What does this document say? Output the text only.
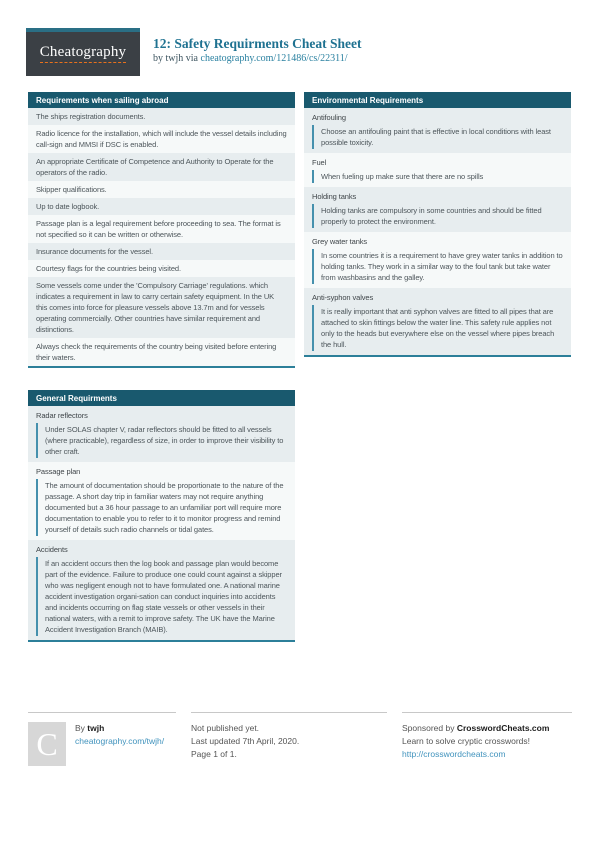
Cheatography
12: Safety Requirments Cheat Sheet
by twjh via cheatography.com/121486/cs/22311/
Requirements when sailing abroad
The ships registration documents.
Radio licence for the installation, which will include the vessel details including call-sign and MMSI if DSC is enabled.
An appropriate Certificate of Competence and Authority to Operate for the operators of the radio.
Skipper qualifications.
Up to date logbook.
Passage plan is a legal requirement before proceeding to sea. The format is not specified so it can be written or otherwise.
Insurance documents for the vessel.
Courtesy flags for the countries being visited.
Some vessels come under the 'Compulsory Carriage' regulations. which indicates a requirement in law to carry certain safety equipment. In the UK this comes into force for pleasure vessels above 13.7m and for vessels operating commercially. Other countries have similar requirement and distinctions.
Always check the requirements of the country being visited before entering their waters.
General Requirments
Radar reflectors
Under SOLAS chapter V, radar reflectors should be fitted to all vessels (where practicable), regardless of size, in order to improve their visibility to other craft.
Passage plan
The amount of documentation should be proportionate to the nature of the passage. A short day trip in familiar waters may not require anything documented but a 36 hour passage to an unfamiliar port will require more documentation to enable you to refer to it to monitor progress and remind yourself of details such radio channels or tidal gates.
Accidents
If an accident occurs then the log book and passage plan would become part of the evidence. Failure to produce one could count against a skipper who was negligent enough not to have formulated one. A national marine accident investigation organi-sation can conduct inquiries into accidents and incidents occurring on flag state vessels or other vessels in their national waters, with a remit to improve safety. The UK have the Marine Accident Investigation Branch (MAIB).
Environmental Requirements
Antifouling
Choose an antifouling paint that is effective in local conditions with least possible toxicity.
Fuel
When fueling up make sure that there are no spills
Holding tanks
Holding tanks are compulsory in some countries and should be fitted properly to protect the environment.
Grey water tanks
In some countries it is a requirement to have grey water tanks in addition to holding tanks. They work in a similar way to the foul tank but take water from washbasins and the galley.
Anti-syphon valves
It is really important that anti syphon valves are fitted to all pipes that are attached to skin fittings below the water line. This safety rule applies not only to the heads but everywhere else on the vessel where pipes breach the hull.
C By twjh
cheatography.com/twjh/
Not published yet.
Last updated 7th April, 2020.
Page 1 of 1.
Sponsored by CrosswordCheats.com
Learn to solve cryptic crosswords!
http://crosswordcheats.com
